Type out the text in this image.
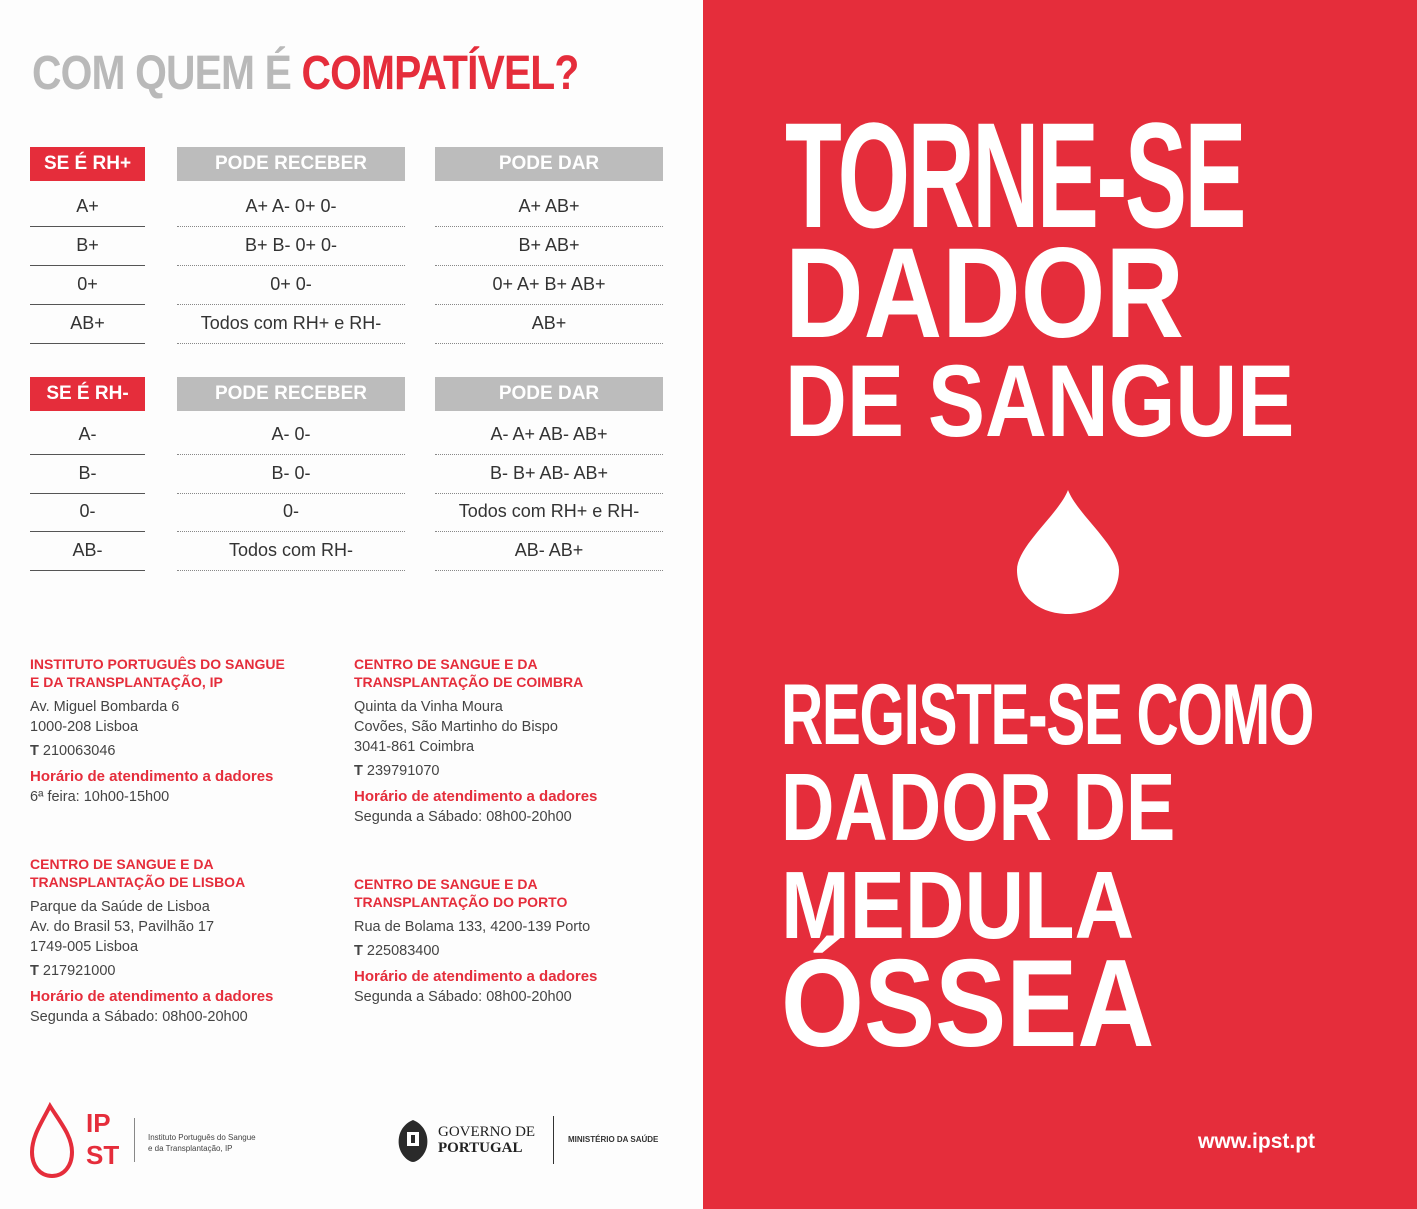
COM QUEM É COMPATÍVEL?
SE É RH+	PODE RECEBER	PODE DAR
A+	A+ A- 0+ 0-	A+ AB+
B+	B+ B- 0+ 0-	B+ AB+
0+	0+ 0-	0+ A+ B+ AB+
AB+	Todos com RH+ e RH-	AB+
SE É RH-	PODE RECEBER	PODE DAR
A-	A- 0-	A- A+ AB- AB+
B-	B- 0-	B- B+ AB- AB+
0-	0-	Todos com RH+ e RH-
AB-	Todos com RH-	AB- AB+
INSTITUTO PORTUGUÊS DO SANGUE
E DA TRANSPLANTAÇÃO, IP
Av. Miguel Bombarda 6
1000-208 Lisboa
T 210063046
Horário de atendimento a dadores
6ª feira: 10h00-15h00
CENTRO DE SANGUE E DA
TRANSPLANTAÇÃO DE LISBOA
Parque da Saúde de Lisboa
Av. do Brasil 53, Pavilhão 17
1749-005 Lisboa
T 217921000
Horário de atendimento a dadores
Segunda a Sábado: 08h00-20h00
CENTRO DE SANGUE E DA
TRANSPLANTAÇÃO DE COIMBRA
Quinta da Vinha Moura
Covões, São Martinho do Bispo
3041-861 Coimbra
T 239791070
Horário de atendimento a dadores
Segunda a Sábado: 08h00-20h00
CENTRO DE SANGUE E DA
TRANSPLANTAÇÃO DO PORTO
Rua de Bolama 133, 4200-139 Porto
T 225083400
Horário de atendimento a dadores
Segunda a Sábado: 08h00-20h00
IP
ST
Instituto Português do Sangue
e da Transplantação, IP
GOVERNO DE
PORTUGAL
MINISTÉRIO DA SAÚDE
TORNE-SE
DADOR
DE SANGUE
REGISTE-SE COMO
DADOR DE
MEDULA
ÓSSEA
www.ipst.pt
